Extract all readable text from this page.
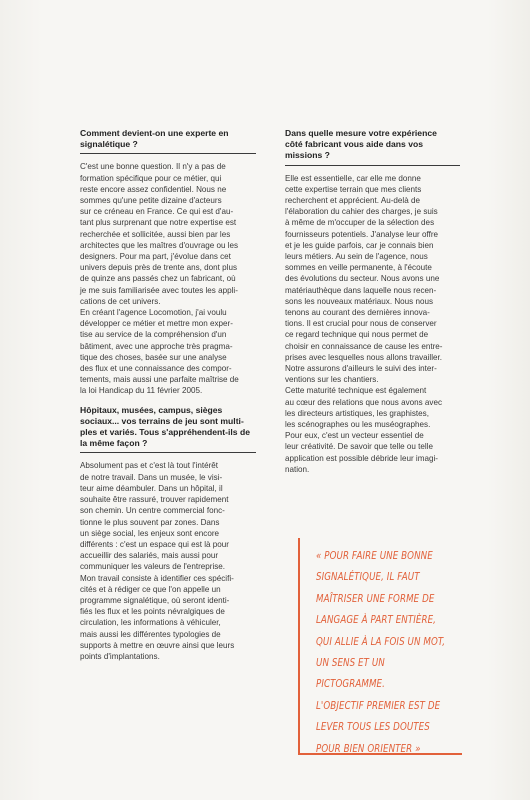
Comment devient-on une experte en
signalétique ?

C'est une bonne question. Il n'y a pas de
formation spécifique pour ce métier, qui
reste encore assez confidentiel. Nous ne
sommes qu'une petite dizaine d'acteurs
sur ce créneau en France. Ce qui est d'au-
tant plus surprenant que notre expertise est
recherchée et sollicitée, aussi bien par les
architectes que les maîtres d'ouvrage ou les
designers. Pour ma part, j'évolue dans cet
univers depuis près de trente ans, dont plus
de quinze ans passés chez un fabricant, où
je me suis familiarisée avec toutes les appli-
cations de cet univers.
En créant l'agence Locomotion, j'ai voulu
développer ce métier et mettre mon exper-
tise au service de la compréhension d'un
bâtiment, avec une approche très pragma-
tique des choses, basée sur une analyse
des flux et une connaissance des compor-
tements, mais aussi une parfaite maîtrise de
la loi Handicap du 11 février 2005.

Hôpitaux, musées, campus, sièges
sociaux... vos terrains de jeu sont multi-
ples et variés. Tous s'appréhendent-ils de
la même façon ?

Absolument pas et c'est là tout l'intérêt
de notre travail. Dans un musée, le visi-
teur aime déambuler. Dans un hôpital, il
souhaite être rassuré, trouver rapidement
son chemin. Un centre commercial fonc-
tionne le plus souvent par zones. Dans
un siège social, les enjeux sont encore
différents : c'est un espace qui est là pour
accueillir des salariés, mais aussi pour
communiquer les valeurs de l'entreprise.
Mon travail consiste à identifier ces spécifi-
cités et à rédiger ce que l'on appelle un
programme signalétique, où seront identi-
fiés les flux et les points névralgiques de
circulation, les informations à véhiculer,
mais aussi les différentes typologies de
supports à mettre en œuvre ainsi que leurs
points d'implantations.

Dans quelle mesure votre expérience
côté fabricant vous aide dans vos
missions ?

Elle est essentielle, car elle me donne
cette expertise terrain que mes clients
recherchent et apprécient. Au-delà de
l'élaboration du cahier des charges, je suis
à même de m'occuper de la sélection des
fournisseurs potentiels. J'analyse leur offre
et je les guide parfois, car je connais bien
leurs métiers. Au sein de l'agence, nous
sommes en veille permanente, à l'écoute
des évolutions du secteur. Nous avons une
matériauthèque dans laquelle nous recen-
sons les nouveaux matériaux. Nous nous
tenons au courant des dernières innova-
tions. Il est crucial pour nous de conserver
ce regard technique qui nous permet de
choisir en connaissance de cause les entre-
prises avec lesquelles nous allons travailler.
Notre assurons d'ailleurs le suivi des inter-
ventions sur les chantiers.
Cette maturité technique est également
au cœur des relations que nous avons avec
les directeurs artistiques, les graphistes,
les scénographes ou les muséographes.
Pour eux, c'est un vecteur essentiel de
leur créativité. De savoir que telle ou telle
application est possible débride leur imagi-
nation.

« POUR FAIRE UNE BONNE
SIGNALÉTIQUE, IL FAUT
MAÎTRISER UNE FORME DE
LANGAGE À PART ENTIÈRE,
QUI ALLIE À LA FOIS UN MOT,
UN SENS ET UN PICTOGRAMME.
L'OBJECTIF PREMIER EST DE
LEVER TOUS LES DOUTES
POUR BIEN ORIENTER »
